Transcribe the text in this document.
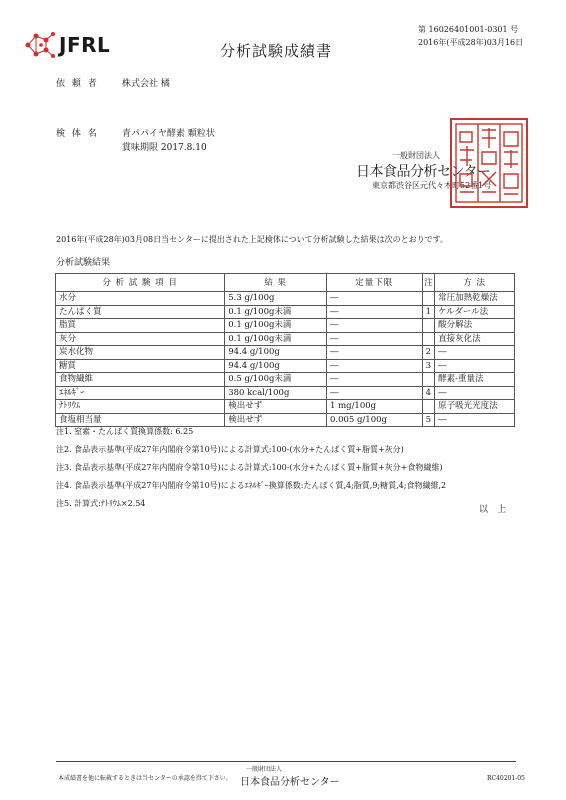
JFRL	分析試験成績書
第 16026401001-0301 号
2016年(平成28年)03月16日
依 頼 者	株式会社 橘
検 体 名	青パパイヤ酵素 顆粒状
賞味期限 2017.8.10
一般財団法人
日本食品分析センター
東京都渋谷区元代々木町52番1号
2016年(平成28年)03月08日当センターに提出された上記検体について分析試験した結果は次のとおりです。
分析試験結果
分 析 試 験 項 目	結 果	定量下限	注	方 法
水分	5.3 g/100g	―		常圧加熱乾燥法
たんぱく質	0.1 g/100g未満	―	1	ケルダール法
脂質	0.1 g/100g未満	―		酸分解法
灰分	0.1 g/100g未満	―		直接灰化法
炭水化物	94.4 g/100g	―	2	―
糖質	94.4 g/100g	―	3	―
食物繊維	0.5 g/100g未満	―		酵素-重量法
ｴﾈﾙｷﾞｰ	380 kcal/100g	―	4	―
ﾅﾄﾘｳﾑ	検出せず	1 mg/100g		原子吸光光度法
食塩相当量	検出せず	0.005 g/100g	5	―
注1. 窒素・たんぱく質換算係数: 6.25
注2. 食品表示基準(平成27年内閣府令第10号)による計算式:100-(水分+たんぱく質+脂質+灰分)
注3. 食品表示基準(平成27年内閣府令第10号)による計算式:100-(水分+たんぱく質+脂質+灰分+食物繊維)
注4. 食品表示基準(平成27年内閣府令第10号)によるｴﾈﾙｷﾞｰ換算係数:たんぱく質,4;脂質,9;糖質,4;食物繊維,2
注5. 計算式:ﾅﾄﾘｳﾑ×2.54
以　上
本成績書を他に転載するときは当センターの承認を得て下さい。
一般財団法人
日本食品分析センター	RC40201-05
